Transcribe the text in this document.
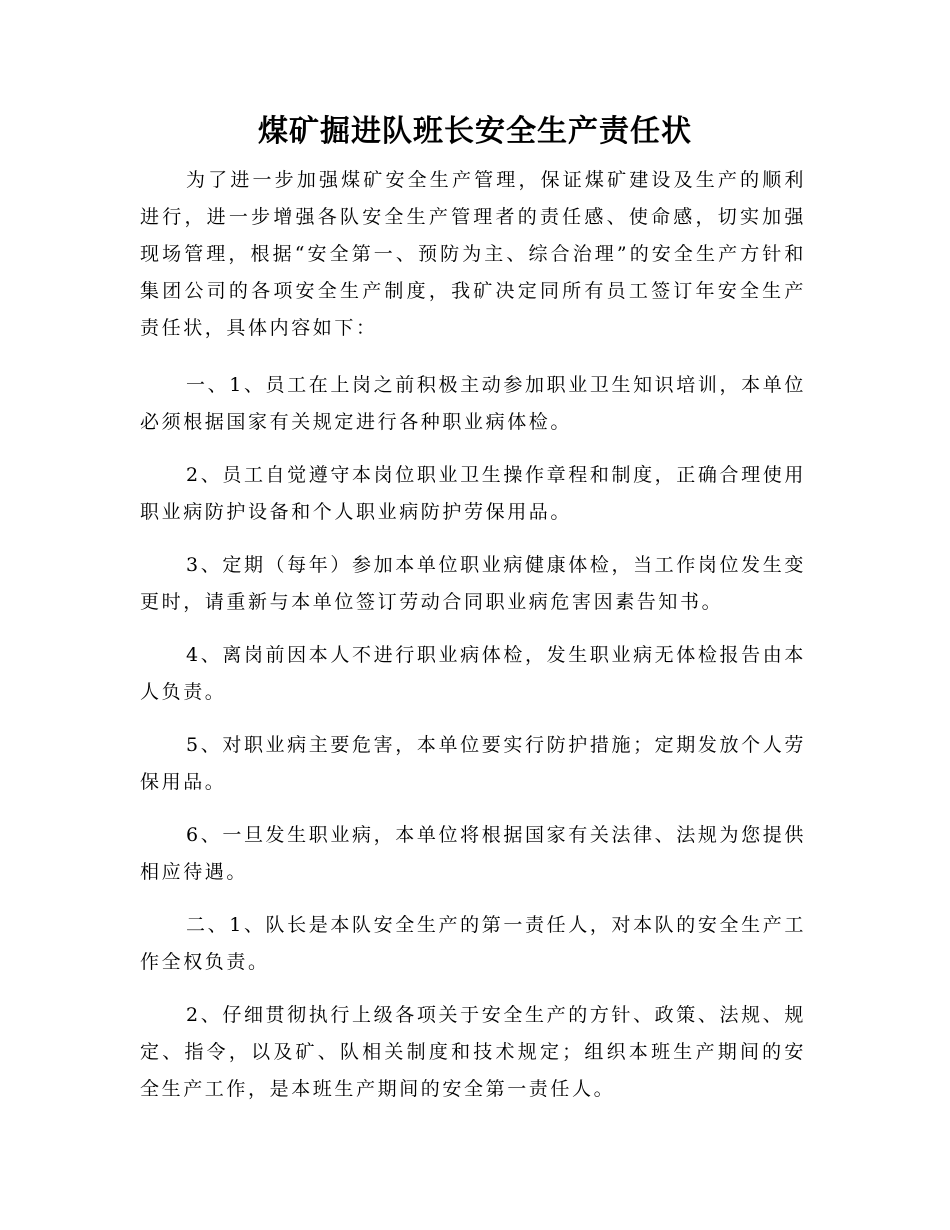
煤矿掘进队班长安全生产责任状

为了进一步加强煤矿安全生产管理，保证煤矿建设及生产的顺利进行，进一步增强各队安全生产管理者的责任感、使命感，切实加强现场管理，根据“安全第一、预防为主、综合治理”的安全生产方针和集团公司的各项安全生产制度，我矿决定同所有员工签订年安全生产责任状，具体内容如下：

一、1、员工在上岗之前积极主动参加职业卫生知识培训，本单位必须根据国家有关规定进行各种职业病体检。

2、员工自觉遵守本岗位职业卫生操作章程和制度，正确合理使用职业病防护设备和个人职业病防护劳保用品。

3、定期（每年）参加本单位职业病健康体检，当工作岗位发生变更时，请重新与本单位签订劳动合同职业病危害因素告知书。

4、离岗前因本人不进行职业病体检，发生职业病无体检报告由本人负责。

5、对职业病主要危害，本单位要实行防护措施；定期发放个人劳保用品。

6、一旦发生职业病，本单位将根据国家有关法律、法规为您提供相应待遇。

二、1、队长是本队安全生产的第一责任人，对本队的安全生产工作全权负责。

2、仔细贯彻执行上级各项关于安全生产的方针、政策、法规、规定、指令，以及矿、队相关制度和技术规定；组织本班生产期间的安全生产工作，是本班生产期间的安全第一责任人。
